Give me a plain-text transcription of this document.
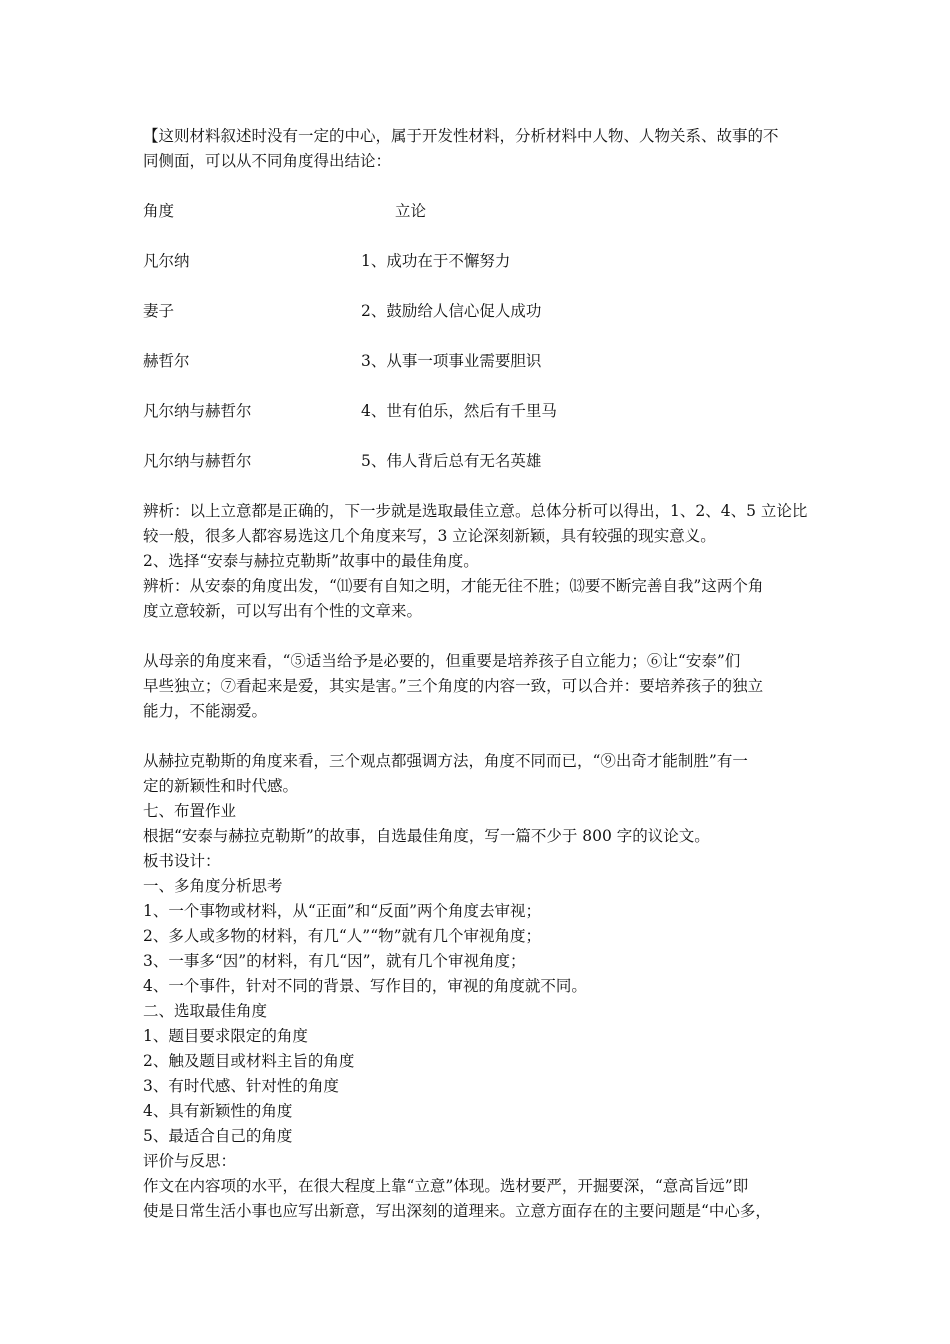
【这则材料叙述时没有一定的中心，属于开发性材料，分析材料中人物、人物关系、故事的不
同侧面，可以从不同角度得出结论：
角度	立论
凡尔纳	1、成功在于不懈努力
妻子	2、鼓励给人信心促人成功
赫哲尔	3、从事一项事业需要胆识
凡尔纳与赫哲尔	4、世有伯乐，然后有千里马
凡尔纳与赫哲尔	5、伟人背后总有无名英雄
辨析：以上立意都是正确的，下一步就是选取最佳立意。总体分析可以得出，1、2、4、5 立论比
较一般，很多人都容易选这几个角度来写，3 立论深刻新颖，具有较强的现实意义。
2、选择“安泰与赫拉克勒斯”故事中的最佳角度。
辨析：从安泰的角度出发，“⑾要有自知之明，才能无往不胜；⒀要不断完善自我”这两个角
度立意较新，可以写出有个性的文章来。
从母亲的角度来看，“⑤适当给予是必要的，但重要是培养孩子自立能力；⑥让“安泰”们
早些独立；⑦看起来是爱，其实是害。”三个角度的内容一致，可以合并：要培养孩子的独立
能力，不能溺爱。
从赫拉克勒斯的角度来看，三个观点都强调方法，角度不同而已，“⑨出奇才能制胜”有一
定的新颖性和时代感。
七、布置作业
根据“安泰与赫拉克勒斯”的故事，自选最佳角度，写一篇不少于 800 字的议论文。
板书设计：
一、多角度分析思考
1、一个事物或材料，从“正面”和“反面”两个角度去审视；
2、多人或多物的材料，有几“人”“物”就有几个审视角度；
3、一事多“因”的材料，有几“因”，就有几个审视角度；
4、一个事件，针对不同的背景、写作目的，审视的角度就不同。
二、选取最佳角度
1、题目要求限定的角度
2、触及题目或材料主旨的角度
3、有时代感、针对性的角度
4、具有新颖性的角度
5、最适合自己的角度
评价与反思：
作文在内容项的水平，在很大程度上靠“立意”体现。选材要严，开掘要深，“意高旨远”即
使是日常生活小事也应写出新意，写出深刻的道理来。立意方面存在的主要问题是“中心多，
